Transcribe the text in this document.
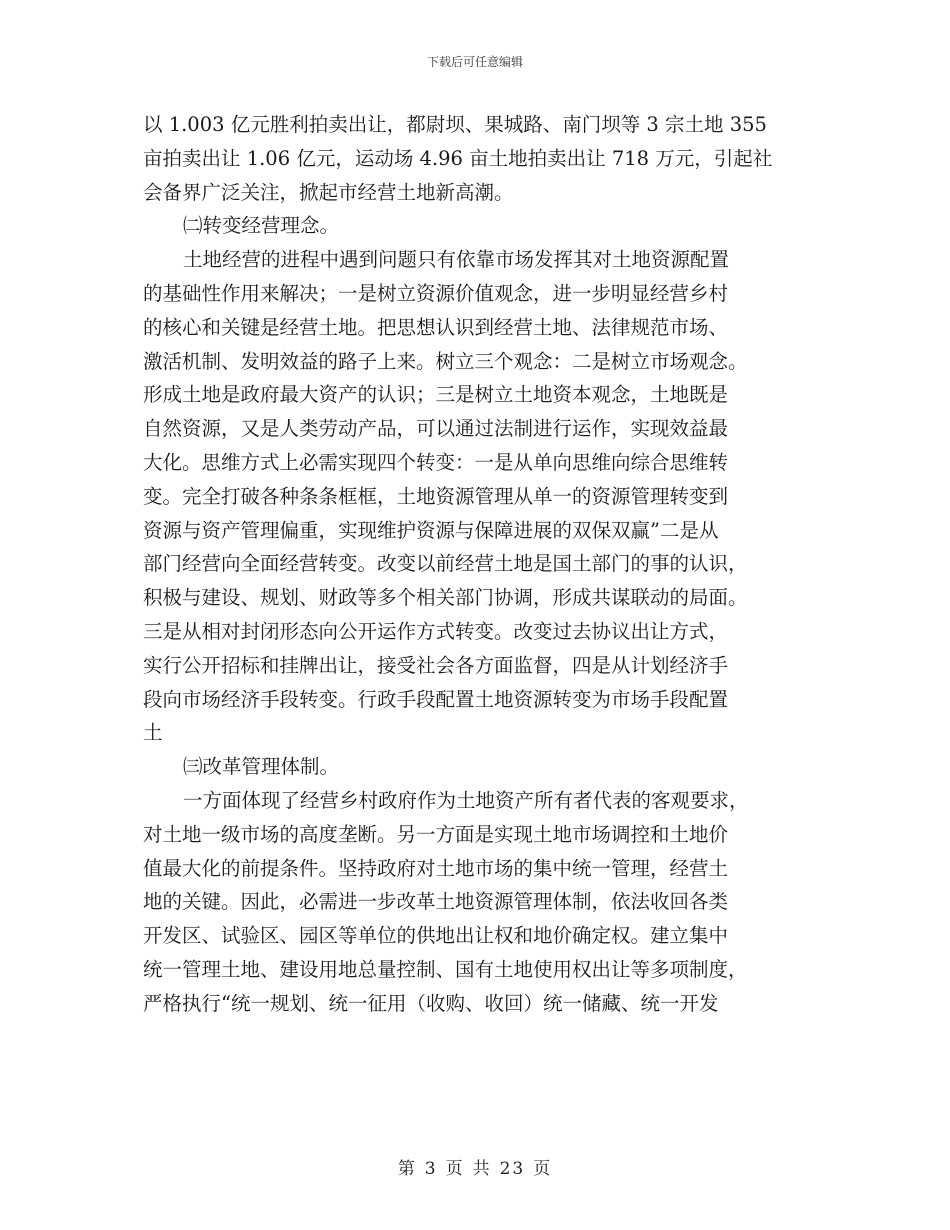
下载后可任意编辑
以 1.003 亿元胜利拍卖出让，都尉坝、果城路、南门坝等 3 宗土地 355
亩拍卖出让 1.06 亿元，运动场 4.96 亩土地拍卖出让 718 万元，引起社
会备界广泛关注，掀起市经营土地新高潮。
㈡转变经营理念。
土地经营的进程中遇到问题只有依靠市场发挥其对土地资源配置
的基础性作用来解决；一是树立资源价值观念，进一步明显经营乡村
的核心和关键是经营土地。把思想认识到经营土地、法律规范市场、
激活机制、发明效益的路子上来。树立三个观念：二是树立市场观念。
形成土地是政府最大资产的认识；三是树立土地资本观念，土地既是
自然资源，又是人类劳动产品，可以通过法制进行运作，实现效益最
大化。思维方式上必需实现四个转变：一是从单向思维向综合思维转
变。完全打破各种条条框框，土地资源管理从单一的资源管理转变到
资源与资产管理偏重，实现维护资源与保障进展的双保双赢”二是从
部门经营向全面经营转变。改变以前经营土地是国土部门的事的认识，
积极与建设、规划、财政等多个相关部门协调，形成共谋联动的局面。
三是从相对封闭形态向公开运作方式转变。改变过去协议出让方式，
实行公开招标和挂牌出让，接受社会各方面监督，四是从计划经济手
段向市场经济手段转变。行政手段配置土地资源转变为市场手段配置
土
㈢改革管理体制。
一方面体现了经营乡村政府作为土地资产所有者代表的客观要求，
对土地一级市场的高度垄断。另一方面是实现土地市场调控和土地价
值最大化的前提条件。坚持政府对土地市场的集中统一管理，经营土
地的关键。因此，必需进一步改革土地资源管理体制，依法收回各类
开发区、试验区、园区等单位的供地出让权和地价确定权。建立集中
统一管理土地、建设用地总量控制、国有土地使用权出让等多项制度，
严格执行“统一规划、统一征用（收购、收回）统一储藏、统一开发
第 3 页 共 23 页
